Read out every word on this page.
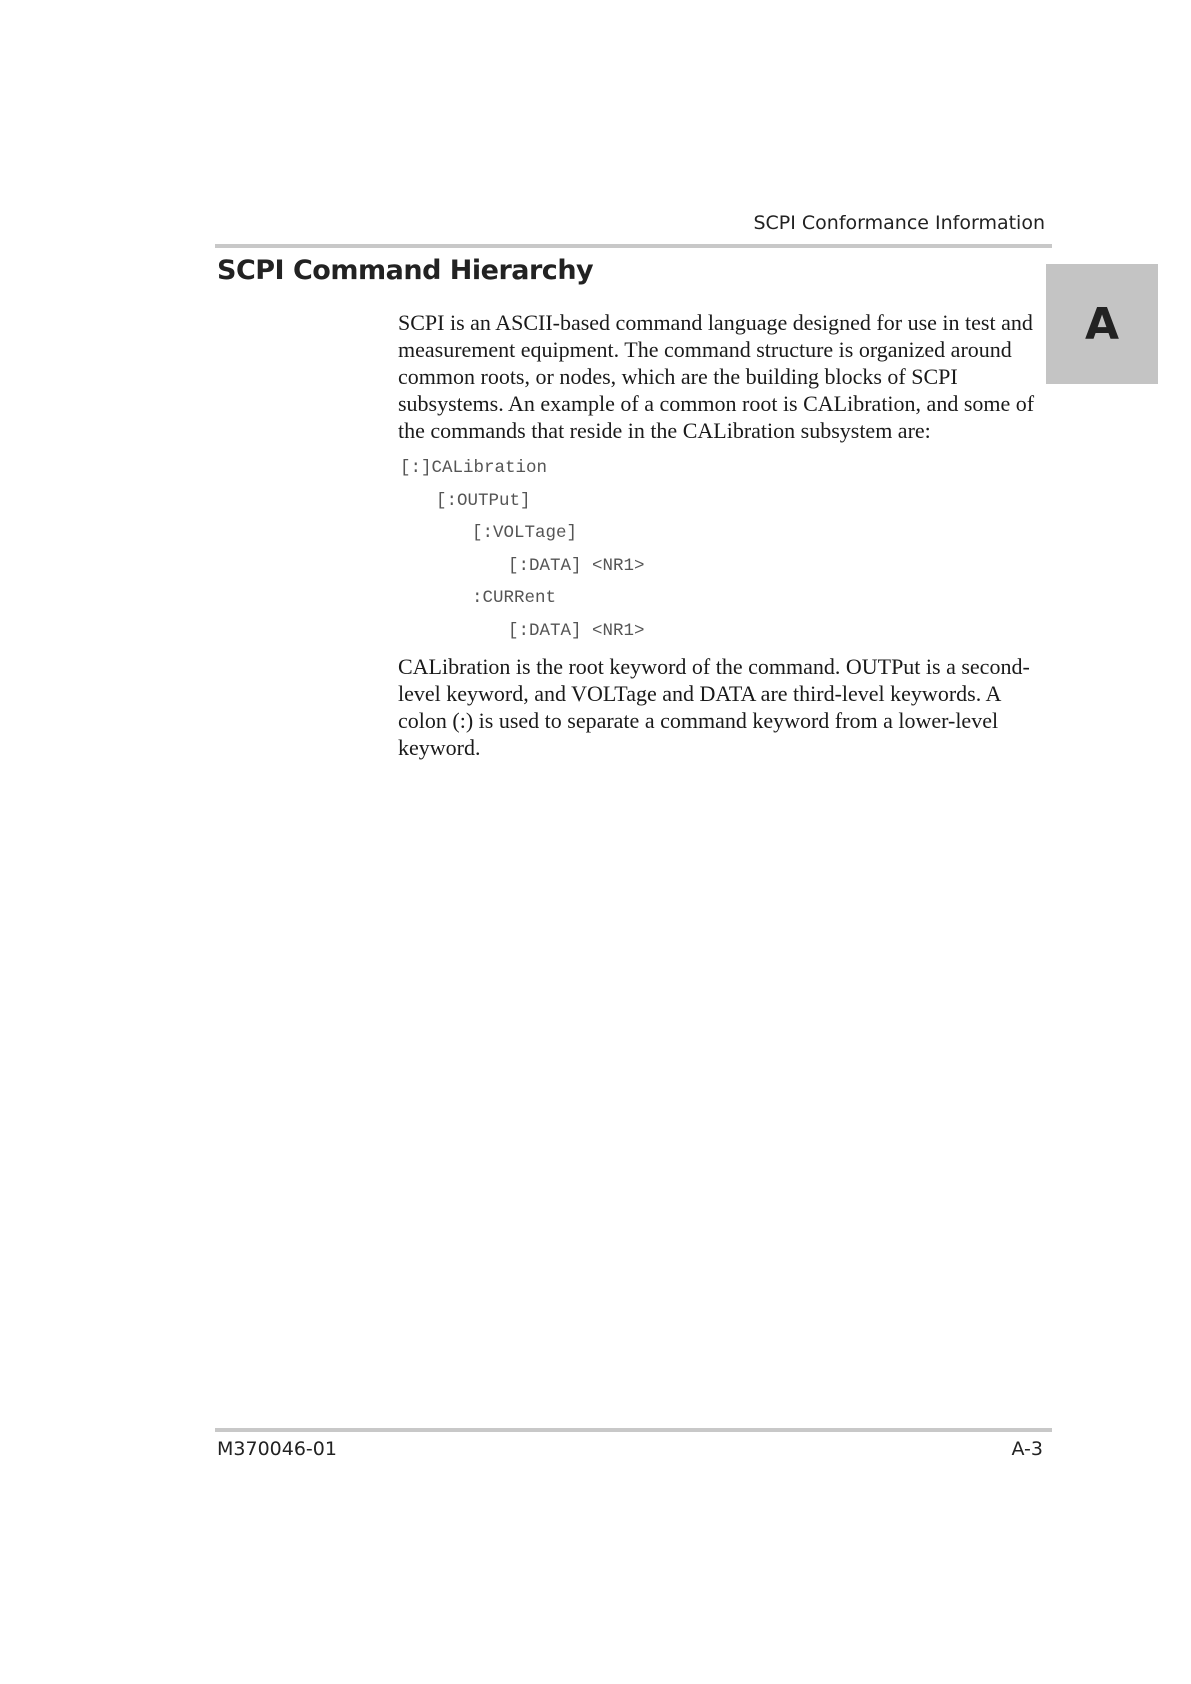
SCPI Conformance Information
SCPI Command Hierarchy
A

SCPI is an ASCII-based command language designed for use in test and measurement equipment. The command structure is organized around common roots, or nodes, which are the building blocks of SCPI subsystems. An example of a common root is CALibration, and some of the commands that reside in the CALibration subsystem are:

[:]CALibration
[:OUTPut]
[:VOLTage]
[:DATA] <NR1>
:CURRent
[:DATA] <NR1>

CALibration is the root keyword of the command. OUTPut is a second-level keyword, and VOLTage and DATA are third-level keywords. A colon (:) is used to separate a command keyword from a lower-level keyword.

M370046-01	A-3
